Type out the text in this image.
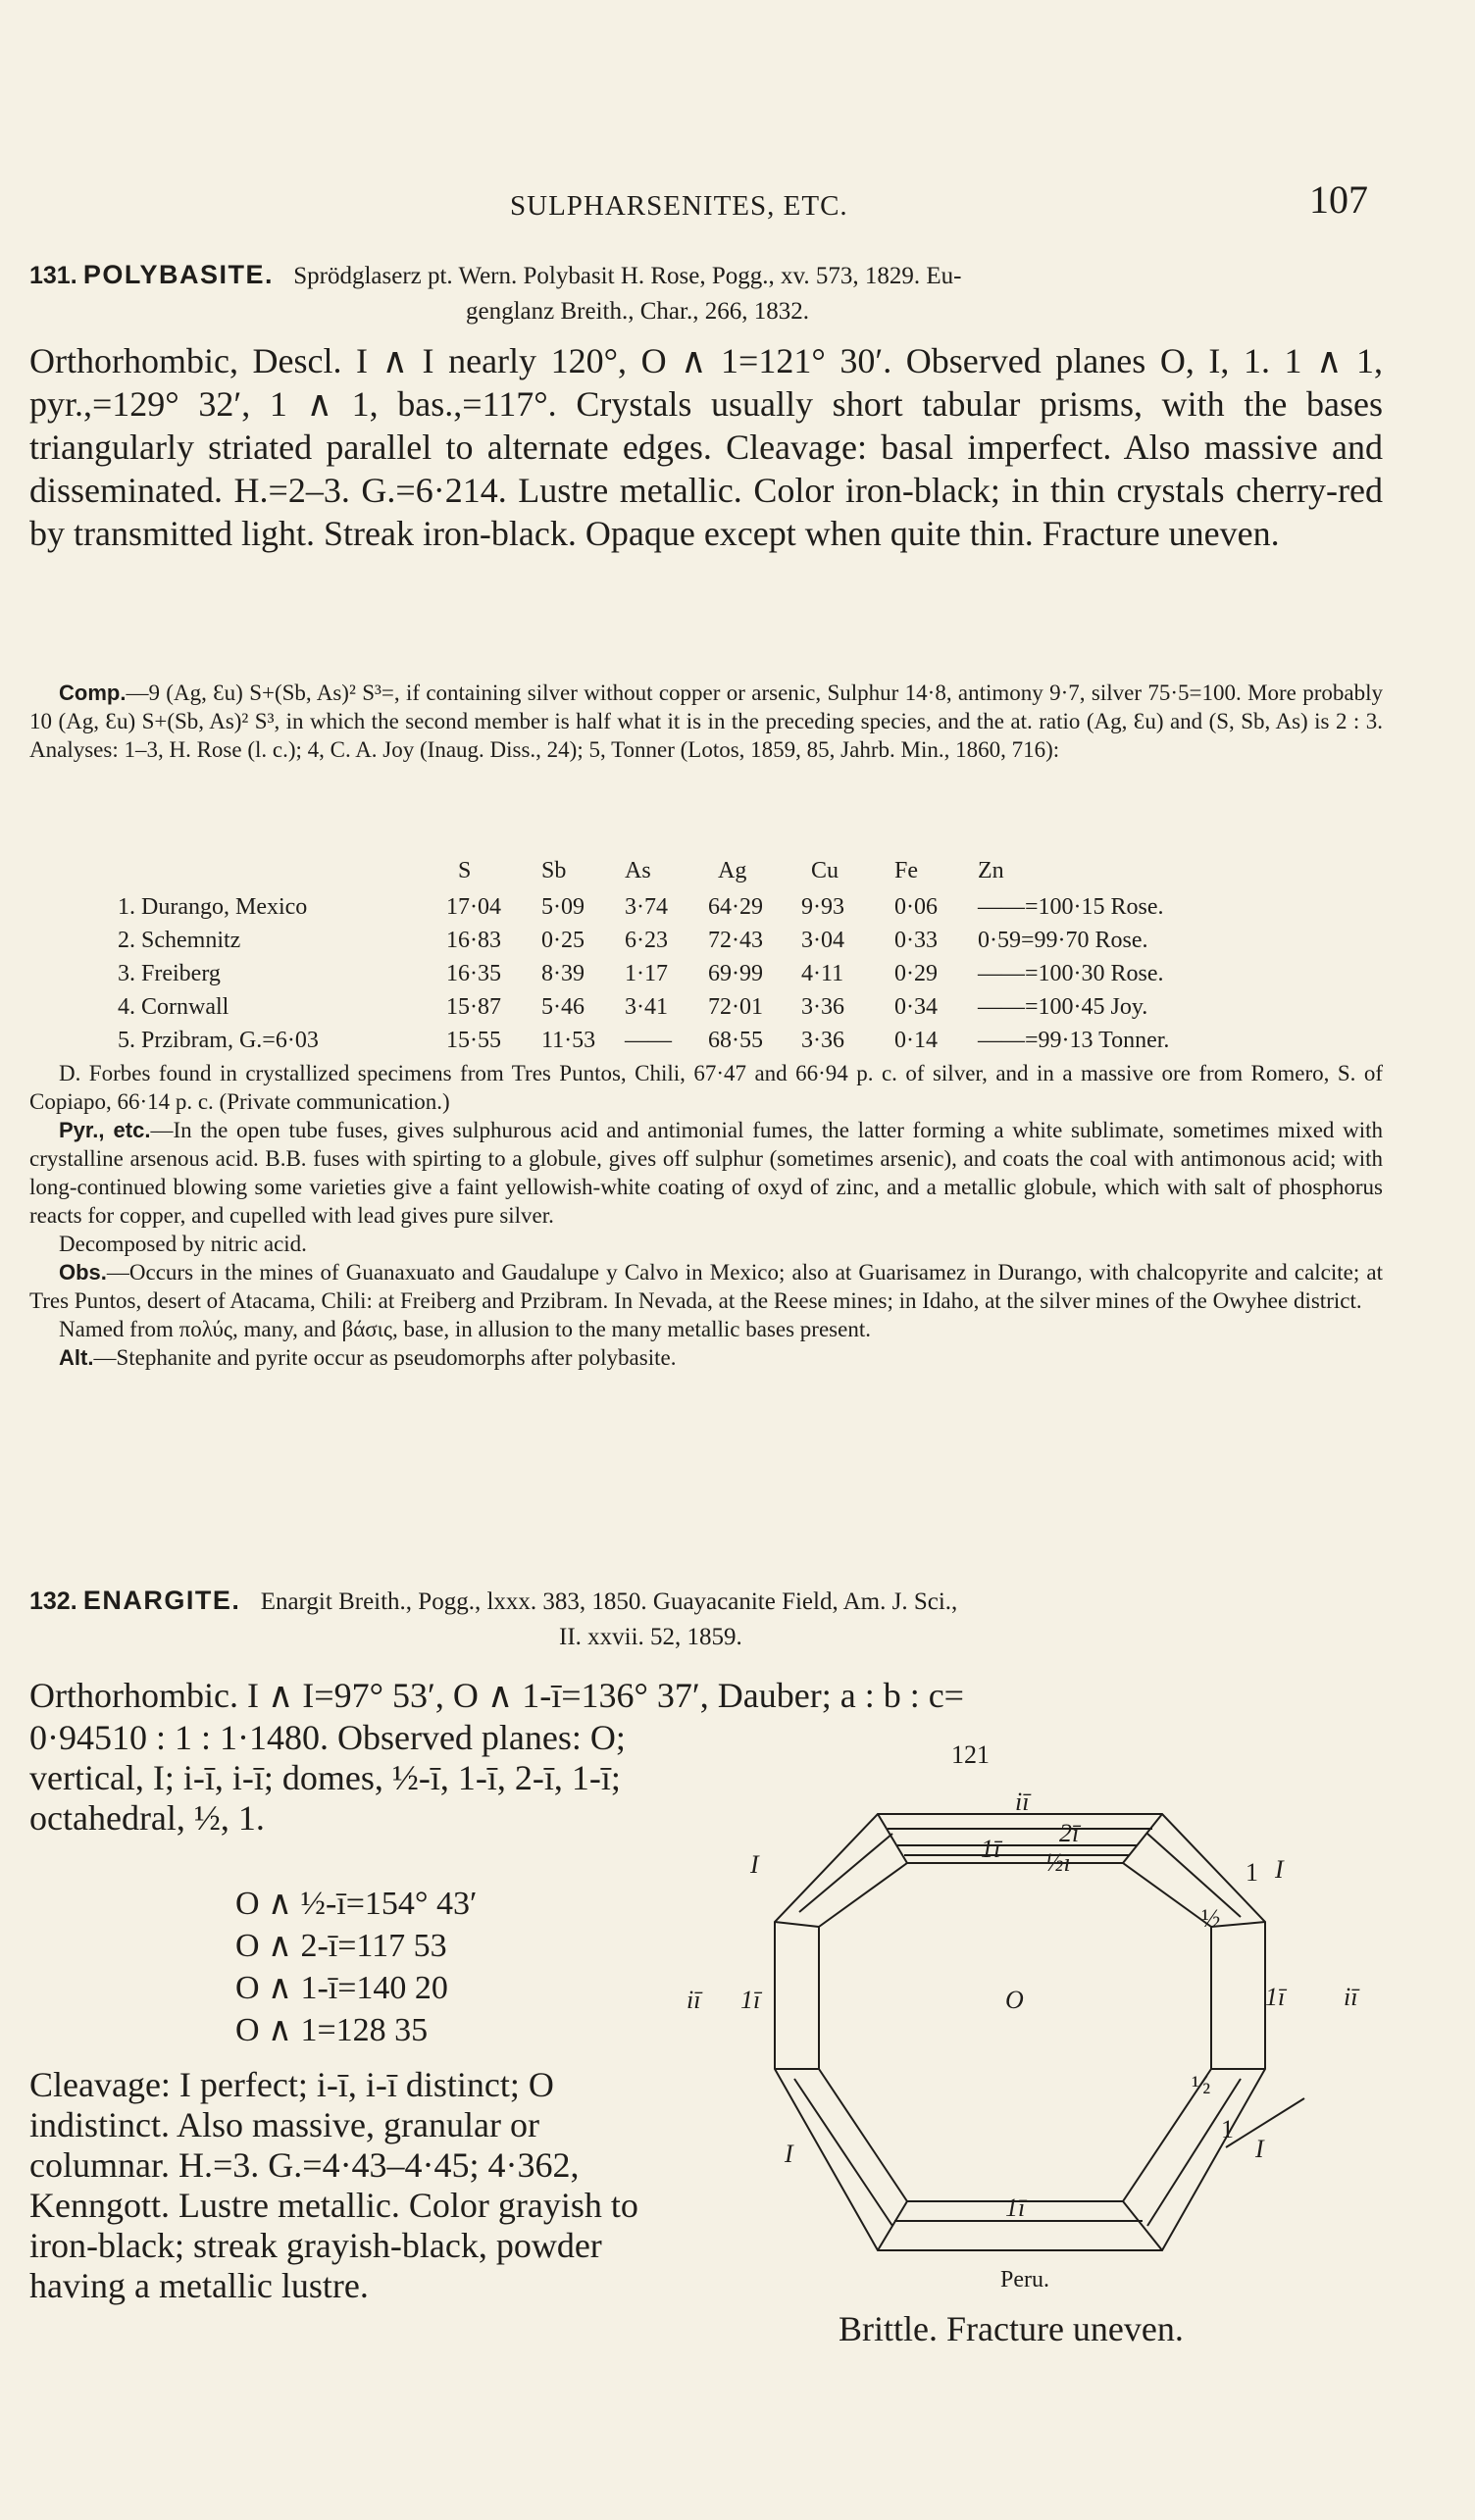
SULPHARSENITES, ETC.	107
131. POLYBASITE. Sprödglaserz pt. Wern. Polybasit H. Rose, Pogg., xv. 573, 1829. Eu-
genglanz Breith., Char., 266, 1832.

Orthorhombic, Descl. I ∧ I nearly 120°, O ∧ 1=121° 30′. Observed planes O, I, 1. 1 ∧ 1, pyr.,=129° 32′, 1 ∧ 1, bas.,=117°. Crystals usually short tabular prisms, with the bases triangularly striated parallel to alternate edges. Cleavage: basal imperfect. Also massive and disseminated. H.=2–3. G.=6·214. Lustre metallic. Color iron-black; in thin crystals cherry-red by transmitted light. Streak iron-black. Opaque except when quite thin. Fracture uneven.

Comp.—9 (Ag, Ɛu) S+(Sb, As)² S³=, if containing silver without copper or arsenic, Sulphur 14·8, antimony 9·7, silver 75·5=100. More probably 10 (Ag, Ɛu) S+(Sb, As)² S³, in which the second member is half what it is in the preceding species, and the at. ratio (Ag, Ɛu) and (S, Sb, As) is 2 : 3. Analyses: 1–3, H. Rose (l. c.); 4, C. A. Joy (Inaug. Diss., 24); 5, Tonner (Lotos, 1859, 85, Jahrb. Min., 1860, 716):

	S	Sb	As	Ag	Cu	Fe	Zn
1. Durango, Mexico	17·04	5·09	3·74	64·29	9·93	0·06	——=100·15 Rose.
2. Schemnitz	16·83	0·25	6·23	72·43	3·04	0·33	0·59=99·70 Rose.
3. Freiberg	16·35	8·39	1·17	69·99	4·11	0·29	——=100·30 Rose.
4. Cornwall	15·87	5·46	3·41	72·01	3·36	0·34	——=100·45 Joy.
5. Przibram, G.=6·03	15·55	11·53	——	68·55	3·36	0·14	——=99·13 Tonner.

D. Forbes found in crystallized specimens from Tres Puntos, Chili, 67·47 and 66·94 p. c. of silver, and in a massive ore from Romero, S. of Copiapo, 66·14 p. c. (Private communication.)

Pyr., etc.—In the open tube fuses, gives sulphurous acid and antimonial fumes, the latter forming a white sublimate, sometimes mixed with crystalline arsenous acid. B.B. fuses with spirting to a globule, gives off sulphur (sometimes arsenic), and coats the coal with antimonous acid; with long-continued blowing some varieties give a faint yellowish-white coating of oxyd of zinc, and a metallic globule, which with salt of phosphorus reacts for copper, and cupelled with lead gives pure silver.

Decomposed by nitric acid.

Obs.—Occurs in the mines of Guanaxuato and Gaudalupe y Calvo in Mexico; also at Guarisamez in Durango, with chalcopyrite and calcite; at Tres Puntos, desert of Atacama, Chili: at Freiberg and Przibram. In Nevada, at the Reese mines; in Idaho, at the silver mines of the Owyhee district.

Named from πολύς, many, and βάσις, base, in allusion to the many metallic bases present.

Alt.—Stephanite and pyrite occur as pseudomorphs after polybasite.

132. ENARGITE. Enargit Breith., Pogg., lxxx. 383, 1850. Guayacanite Field, Am. J. Sci.,
II. xxvii. 52, 1859.
Orthorhombic. I ∧ I=97° 53′, O ∧ 1-ī=136° 37′, Dauber; a : b : c=

0·94510 : 1 : 1·1480. Observed planes: O; vertical, I; i-ī, i-ī; domes, ½-ī, 1-ī, 2-ī, 1-ī; octahedral, ½, 1.

O ∧ ½-ī=154° 43′
O ∧ 2-ī=117 53
O ∧ 1-ī=140 20
O ∧ 1=128 35

Cleavage: I perfect; i-ī, i-ī distinct; O indistinct. Also massive, granular or columnar. H.=3. G.=4·43–4·45; 4·362, Kenngott. Lustre metallic. Color grayish to iron-black; streak grayish-black, powder having a metallic lustre.

121
iī
2ī
1ī ½ī
I	I
1
½
iī 1ī	O	1ī iī
½
1
I
I
1ī
Peru.
Brittle. Fracture uneven.
